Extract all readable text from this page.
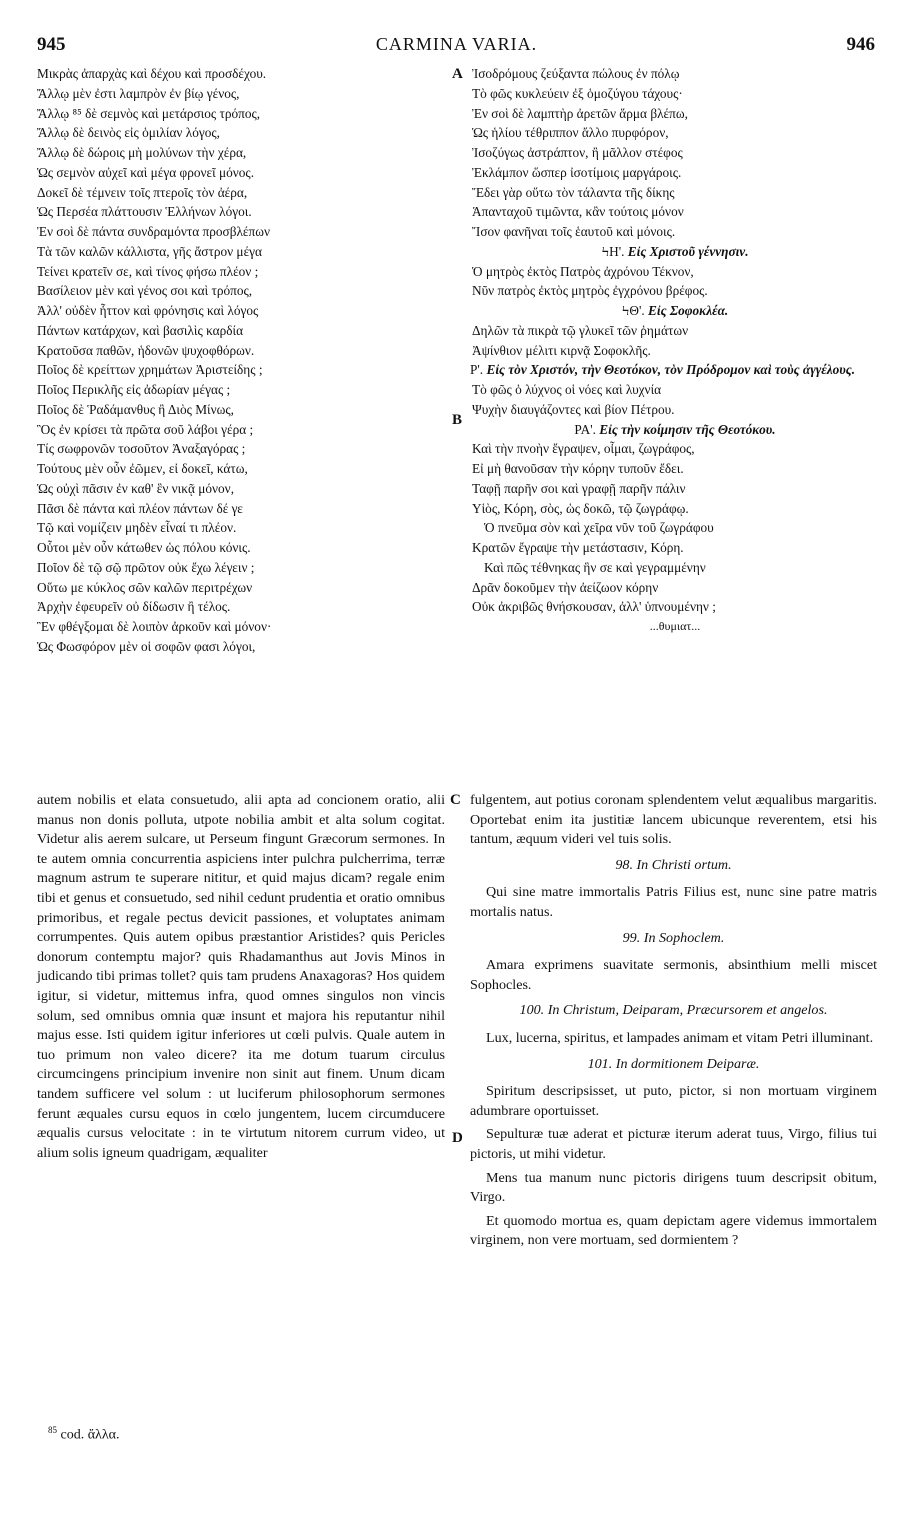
945	CARMINA VARIA.	946
Μικρὰς ἀπαρχὰς καὶ δέχου καὶ προσδέχου.
Ἄλλῳ μὲν ἐστι λαμπρὸν ἐν βίῳ γένος,
Ἄλλῳ ⁸⁵ δὲ σεμνὸς καὶ μετάρσιος τρόπος,
Ἄλλῳ δὲ δεινὸς εἰς ὁμιλίαν λόγος,
Ἄλλῳ δὲ δώροις μὴ μολύνων τὴν χέρα,
Ὡς σεμνὸν αὐχεῖ καὶ μέγα φρονεῖ μόνος.
Δοκεῖ δὲ τέμνειν τοῖς πτεροῖς τὸν ἀέρα,
Ὡς Περσέα πλάττουσιν Ἑλλήνων λόγοι.
Ἐν σοὶ δὲ πάντα συνδραμόντα προσβλέπων
Τὰ τῶν καλῶν κάλλιστα, γῆς ἄστρον μέγα
Τείνει κρατεῖν σε, καὶ τίνος φήσω πλέον ;
Βασίλειον μὲν καὶ γένος σοι καὶ τρόπος,
Ἀλλ' οὐδὲν ἧττον καὶ φρόνησις καὶ λόγος
Πάντων κατάρχων, καὶ βασιλὶς καρδία
Κρατοῦσα παθῶν, ἡδονῶν ψυχοφθόρων.
Ποῖος δὲ κρείττων χρημάτων Ἀριστείδης ;
Ποῖος Περικλῆς εἰς ἀδωρίαν μέγας ;
Ποῖος δὲ Ῥαδάμανθυς ἢ Διὸς Μίνως,
Ὃς ἐν κρίσει τὰ πρῶτα σοῦ λάβοι γέρα ;
Τίς σωφρονῶν τοσοῦτον Ἀναξαγόρας ;
Τούτους μὲν οὖν ἐῶμεν, εἰ δοκεῖ, κάτω,
Ὡς οὐχὶ πᾶσιν ἐν καθ' ἓν νικᾷ μόνον,
Πᾶσι δὲ πάντα καὶ πλέον πάντων δέ γε
Τῷ καὶ νομίζειν μηδὲν εἶναί τι πλέον.
Οὗτοι μὲν οὖν κάτωθεν ὡς πόλου κόνις.
Ποῖον δὲ τῷ σῷ πρῶτον οὐκ ἔχω λέγειν ;
Οὕτω με κύκλος σῶν καλῶν περιτρέχων
Ἀρχὴν ἐφευρεῖν οὐ δίδωσιν ἢ τέλος.
Ἓν φθέγξομαι δὲ λοιπὸν ἀρκοῦν καὶ μόνον·
Ὡς Φωσφόρον μὲν οἱ σοφῶν φασι λόγοι,
Ἰσοδρόμους ζεύξαντα πώλους ἐν πόλῳ
Τὸ φῶς κυκλεύειν ἐξ ὁμοζύγου τάχους·
Ἐν σοὶ δὲ λαμπτὴρ ἀρετῶν ἅρμα βλέπω,
Ὡς ἡλίου τέθριππον ἄλλο πυρφόρον,
Ἰσοζύγως ἀστράπτον, ἢ μᾶλλον στέφος
Ἐκλάμπον ὥσπερ ἰσοτίμοις μαργάροις.
Ἔδει γὰρ οὕτω τὸν τάλαντα τῆς δίκης
Ἁπανταχοῦ τιμῶντα, κἂν τούτοις μόνον
Ἴσον φανῆναι τοῖς ἑαυτοῦ καὶ μόνοις.
ϞΗ'. Εἰς Χριστοῦ γέννησιν.
Ὁ μητρὸς ἐκτὸς Πατρὸς ἀχρόνου Τέκνον,
Νῦν πατρὸς ἐκτὸς μητρὸς ἐγχρόνου βρέφος.
ϞΘ'. Εἰς Σοφοκλέα.
Δηλῶν τὰ πικρὰ τῷ γλυκεῖ τῶν ῥημάτων
Ἀψίνθιον μέλιτι κιρνᾷ Σοφοκλῆς.
Ρ'. Εἰς τὸν Χριστόν, τὴν Θεοτόκον, τὸν Πρόδρομον καὶ τοὺς ἀγγέλους.
Τὸ φῶς ὁ λύχνος οἱ νόες καὶ λυχνία
Ψυχὴν διαυγάζοντες καὶ βίον Πέτρου.
ΡΑ'. Εἰς τὴν κοίμησιν τῆς Θεοτόκου.
Καὶ τὴν πνοὴν ἔγραψεν, οἶμαι, ζωγράφος,
Εἰ μὴ θανοῦσαν τὴν κόρην τυποῦν ἔδει.
Ταφῇ παρῆν σοι καὶ γραφῇ παρῆν πάλιν
Υἱὸς, Κόρη, σὸς, ὡς δοκῶ, τῷ ζωγράφῳ.
Ὁ πνεῦμα σὸν καὶ χεῖρα νῦν τοῦ ζωγράφου
Κρατῶν ἔγραψε τὴν μετάστασιν, Κόρη.
Καὶ πῶς τέθνηκας ἣν σε καὶ γεγραμμένην
Δρᾶν δοκοῦμεν τὴν ἀείζωον κόρην
Οὐκ ἀκριβῶς θνήσκουσαν, ἀλλ' ὑπνουμένην ;
...θυμιατ...
autem nobilis et elata consuetudo, alii apta ad concionem oratio, alii manus non donis polluta, utpote nobilia ambit et alta solum cogitat. Videtur alis aerem sulcare, ut Perseum fingunt Græcorum sermones. In te autem omnia concurrentia aspiciens inter pulchra pulcherrima, terræ magnum astrum te superare nititur, et quid majus dicam? regale enim tibi et genus et consuetudo, sed nihil cedunt prudentia et oratio omnibus primoribus, et regale pectus devicit passiones, et voluptates animam corrumpentes. Quis autem opibus præstantior Aristides? quis Pericles donorum contemptu major? quis Rhadamanthus aut Jovis Minos in judicando tibi primas tollet? quis tam prudens Anaxagoras? Hos quidem igitur, si videtur, mittemus infra, quod omnes singulos non vincis solum, sed omnibus omnia quæ insunt et majora his reputantur nihil majus esse. Isti quidem igitur inferiores ut cœli pulvis. Quale autem in tuo primum non valeo dicere? ita me dotum tuarum circulus circumcingens principium invenire non sinit aut finem. Unum dicam tandem sufficere vel solum : ut luciferum philosophorum sermones ferunt æquales cursu equos in cœlo jungentem, lucem circumducere æqualis cursus velocitate : in te virtutum nitorem currum video, ut alium solis igneum quadrigam, æqualiter

fulgentem, aut potius coronam splendentem velut æqualibus margaritis. Oportebat enim ita justitiæ lancem ubicunque reverentem, etsi his tantum, æquum videri vel tuis solis.

98. In Christi ortum.

Qui sine matre immortalis Patris Filius est, nunc sine patre matris mortalis natus.

99. In Sophoclem.

Amara exprimens suavitate sermonis, absinthium melli miscet Sophocles.

100. In Christum, Deiparam, Præcursorem et angelos.

Lux, lucerna, spiritus, et lampades animam et vitam Petri illuminant.

101. In dormitionem Deiparæ.

Spiritum descripsisset, ut puto, pictor, si non mortuam virginem adumbrare oportuisset.

Sepulturæ tuæ aderat et picturæ iterum aderat tuus, Virgo, filius tui pictoris, ut mihi videtur.

Mens tua manum nunc pictoris dirigens tuum descripsit obitum, Virgo.

Et quomodo mortua es, quam depictam agere videmus immortalem virginem, non vere mortuam, sed dormientem ?

A
B
C
D
$^{85}$ cod. ἄλλα.
